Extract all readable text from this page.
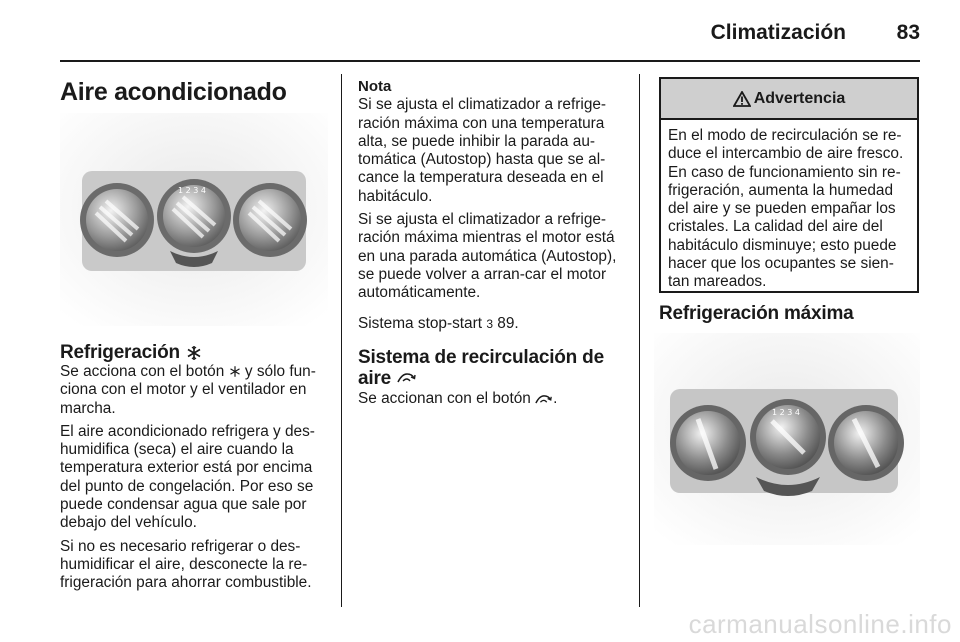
Climatización 83
Aire acondicionado
1 2 3 4
Refrigeración

Se acciona con el botón y sólo fun-ciona con el motor y el ventilador en marcha.

El aire acondicionado refrigera y des-humidifica (seca) el aire cuando la temperatura exterior está por encima del punto de congelación. Por eso se puede condensar agua que sale por debajo del vehículo.

Si no es necesario refrigerar o des-humidificar el aire, desconecte la re-frigeración para ahorrar combustible.

Nota

Si se ajusta el climatizador a refrige-ración máxima con una temperatura alta, se puede inhibir la parada au-tomática (Autostop) hasta que se al-cance la temperatura deseada en el habitáculo.

Si se ajusta el climatizador a refrige-ración máxima mientras el motor está en una parada automática (Autostop), se puede volver a arran-car el motor automáticamente.

Sistema stop-start 3 89.

Sistema de recirculación de
aire

Se accionan con el botón .

Advertencia
En el modo de recirculación se re-duce el intercambio de aire fresco. En caso de funcionamiento sin re-frigeración, aumenta la humedad del aire y se pueden empañar los cristales. La calidad del aire del habitáculo disminuye; esto puede hacer que los ocupantes se sien-tan mareados.
Refrigeración máxima
1 2 3 4
carmanualsonline.info
